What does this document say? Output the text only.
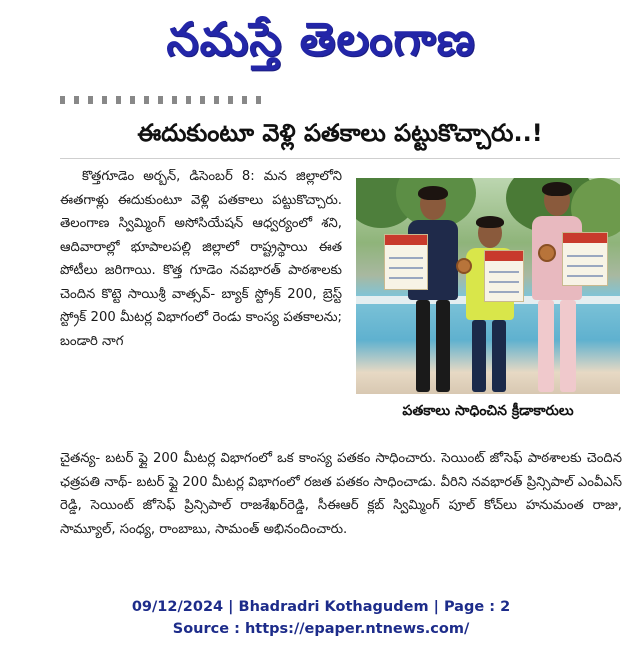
నమస్తే తెలంగాణ
ఈదుకుంటూ వెళ్లి పతకాలు పట్టుకొచ్చారు..!

కొత్తగూడెం అర్బన్, డిసెంబర్ 8: మన జిల్లాలోని ఈతగాళ్లు ఈదుకుంటూ వెళ్లి పతకాలు పట్టుకొచ్చారు. తెలంగాణ స్విమ్మింగ్ అసోసియేషన్ ఆధ్వర్యంలో శని, ఆదివారాల్లో భూపాలపల్లి జిల్లాలో రాష్ట్రస్థాయి ఈత పోటీలు జరిగాయి. కొత్త గూడెం నవభారత్ పాఠశాలకు చెందిన కొట్టె సాయిశ్రీ వాత్సవ్- బ్యాక్ స్ట్రోక్ 200, బ్రెస్ట్ స్ట్రోక్ 200 మీటర్ల విభాగంలో రెండు కాంస్య పతకాలను; బండారి నాగ

పతకాలు సాధించిన క్రీడాకారులు

చైతన్య- బటర్ ఫ్లై 200 మీటర్ల విభాగంలో ఒక కాంస్య పతకం సాధించారు. సెయింట్ జోసెఫ్ పాఠశాలకు చెందిన ఛత్రపతి నాథ్- బటర్ ఫ్లై 200 మీటర్ల విభాగంలో రజత పతకం సాధించాడు. వీరిని నవభారత్ ప్రిన్సిపాల్ ఎంవీఎస్ రెడ్డి, సెయింట్ జోసెఫ్ ప్రిన్సిపాల్ రాజశేఖర్‌రెడ్డి, సీఈఆర్ క్లబ్ స్విమ్మింగ్ పూల్ కోచ్‌లు హనుమంత రాజు, సామ్యూల్, సంధ్య, రాంబాబు, సామంత్ అభినందించారు.

09/12/2024 | Bhadradri Kothagudem | Page : 2
Source : https://epaper.ntnews.com/
